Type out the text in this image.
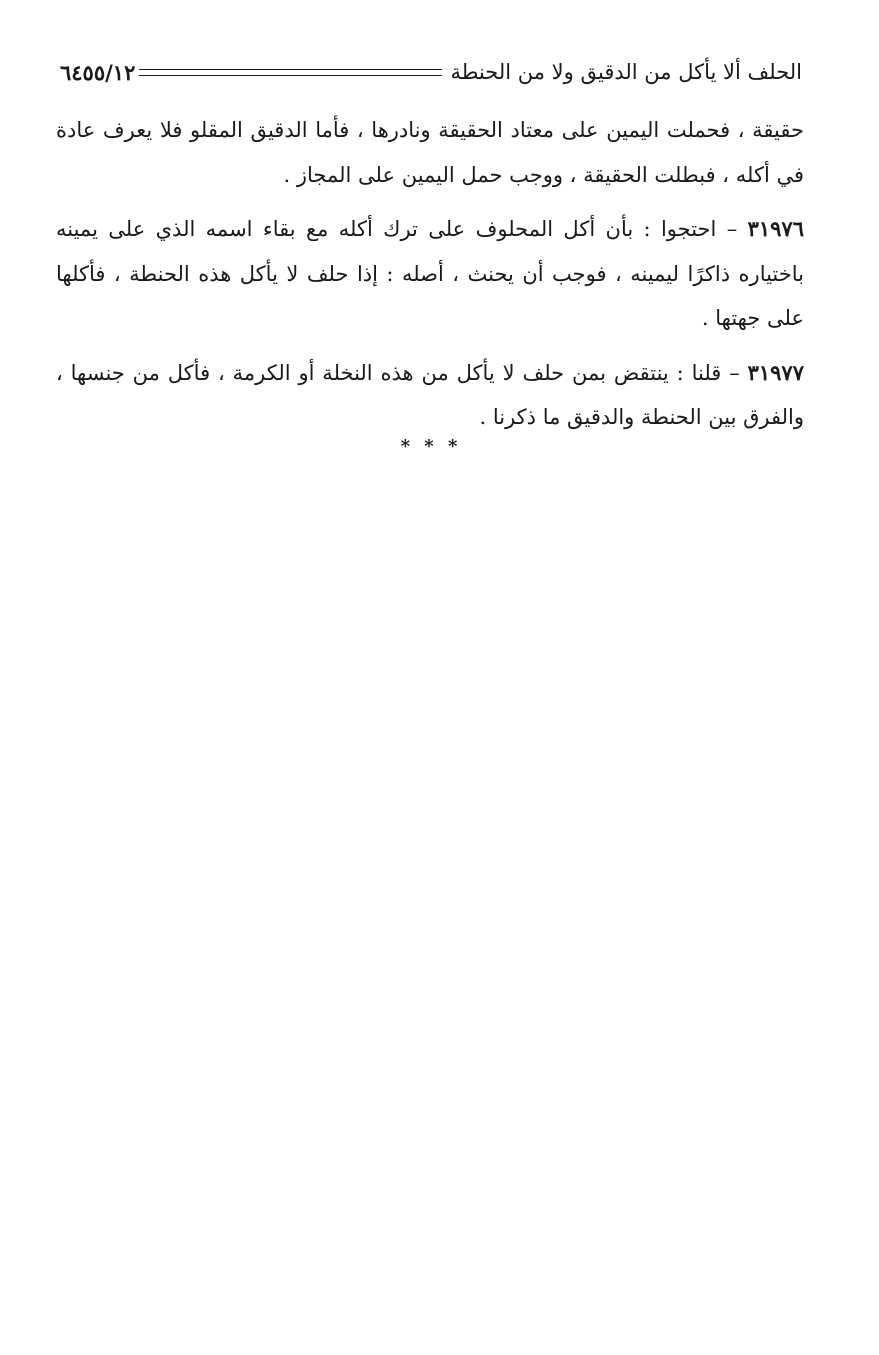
الحلف ألا يأكل من الدقيق ولا من الحنطة
٦٤٥٥/١٢

حقيقة ، فحملت اليمين على معتاد الحقيقة ونادرها ، فأما الدقيق المقلو فلا يعرف عادة في أكله ، فبطلت الحقيقة ، ووجب حمل اليمين على المجاز .

٣١٩٧٦ – احتجوا : بأن أكل المحلوف على ترك أكله مع بقاء اسمه الذي على يمينه باختياره ذاكرًا ليمينه ، فوجب أن يحنث ، أصله : إذا حلف لا يأكل هذه الحنطة ، فأكلها على جهتها .

٣١٩٧٧ – قلنا : ينتقض بمن حلف لا يأكل من هذه النخلة أو الكرمة ، فأكل من جنسها ، والفرق بين الحنطة والدقيق ما ذكرنا .

* * *
